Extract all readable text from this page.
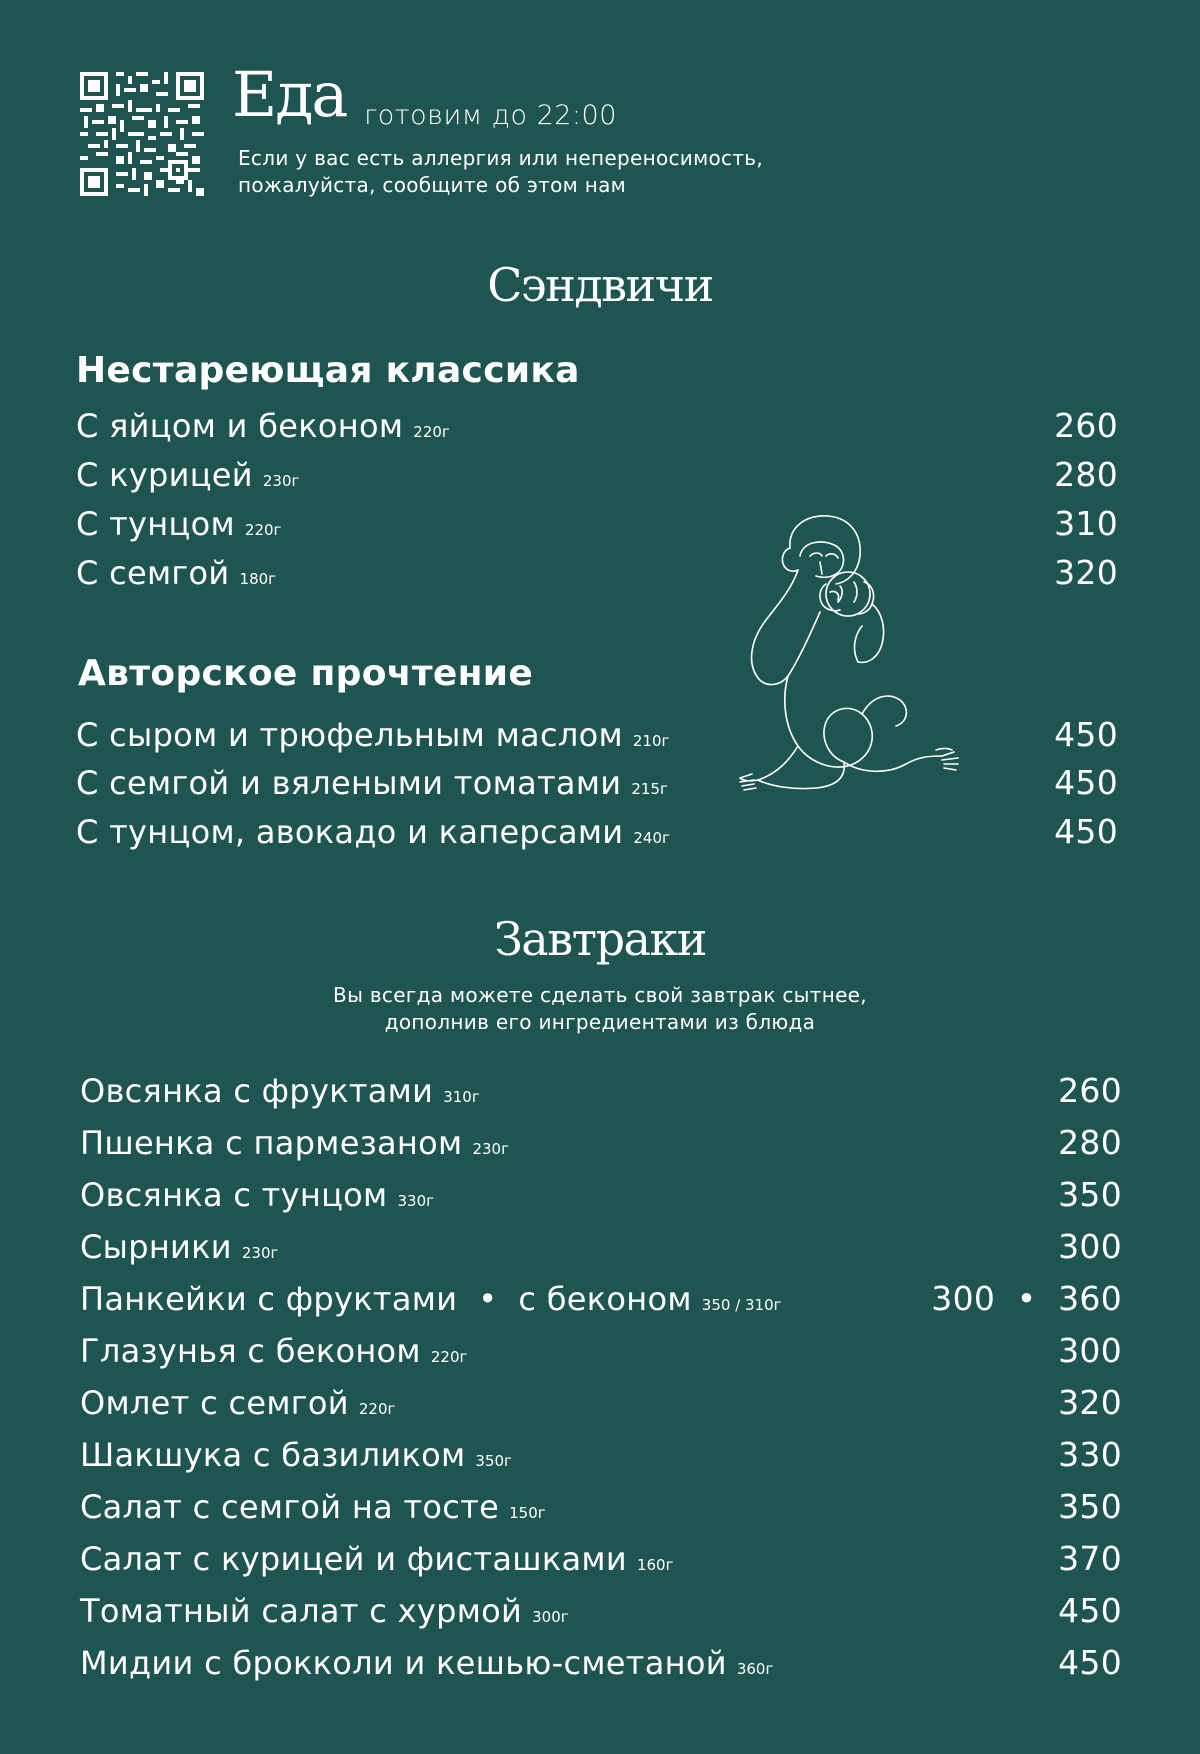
Еда готовим до 22:00
Если у вас есть аллергия или непереносимость,
пожалуйста, сообщите об этом нам
Сэндвичи
Нестареющая классика
С яйцом и беконом 220г	260
С курицей 230г	280
С тунцом 220г	310
С семгой 180г	320
Авторское прочтение
С сыром и трюфельным маслом 210г	450
С семгой и вялеными томатами 215г	450
С тунцом, авокадо и каперсами 240г	450
Завтраки
Вы всегда можете сделать свой завтрак сытнее,
дополнив его ингредиентами из блюда
Овсянка с фруктами 310г	260
Пшенка с пармезаном 230г	280
Овсянка с тунцом 330г	350
Сырники 230г	300
Панкейки с фруктами  •  с беконом 350 / 310г	300  •  360
Глазунья с беконом 220г	300
Омлет с семгой 220г	320
Шакшука с базиликом 350г	330
Салат с семгой на тосте 150г	350
Салат с курицей и фисташками 160г	370
Томатный салат с хурмой 300г	450
Мидии с брокколи и кешью-сметаной 360г	450
